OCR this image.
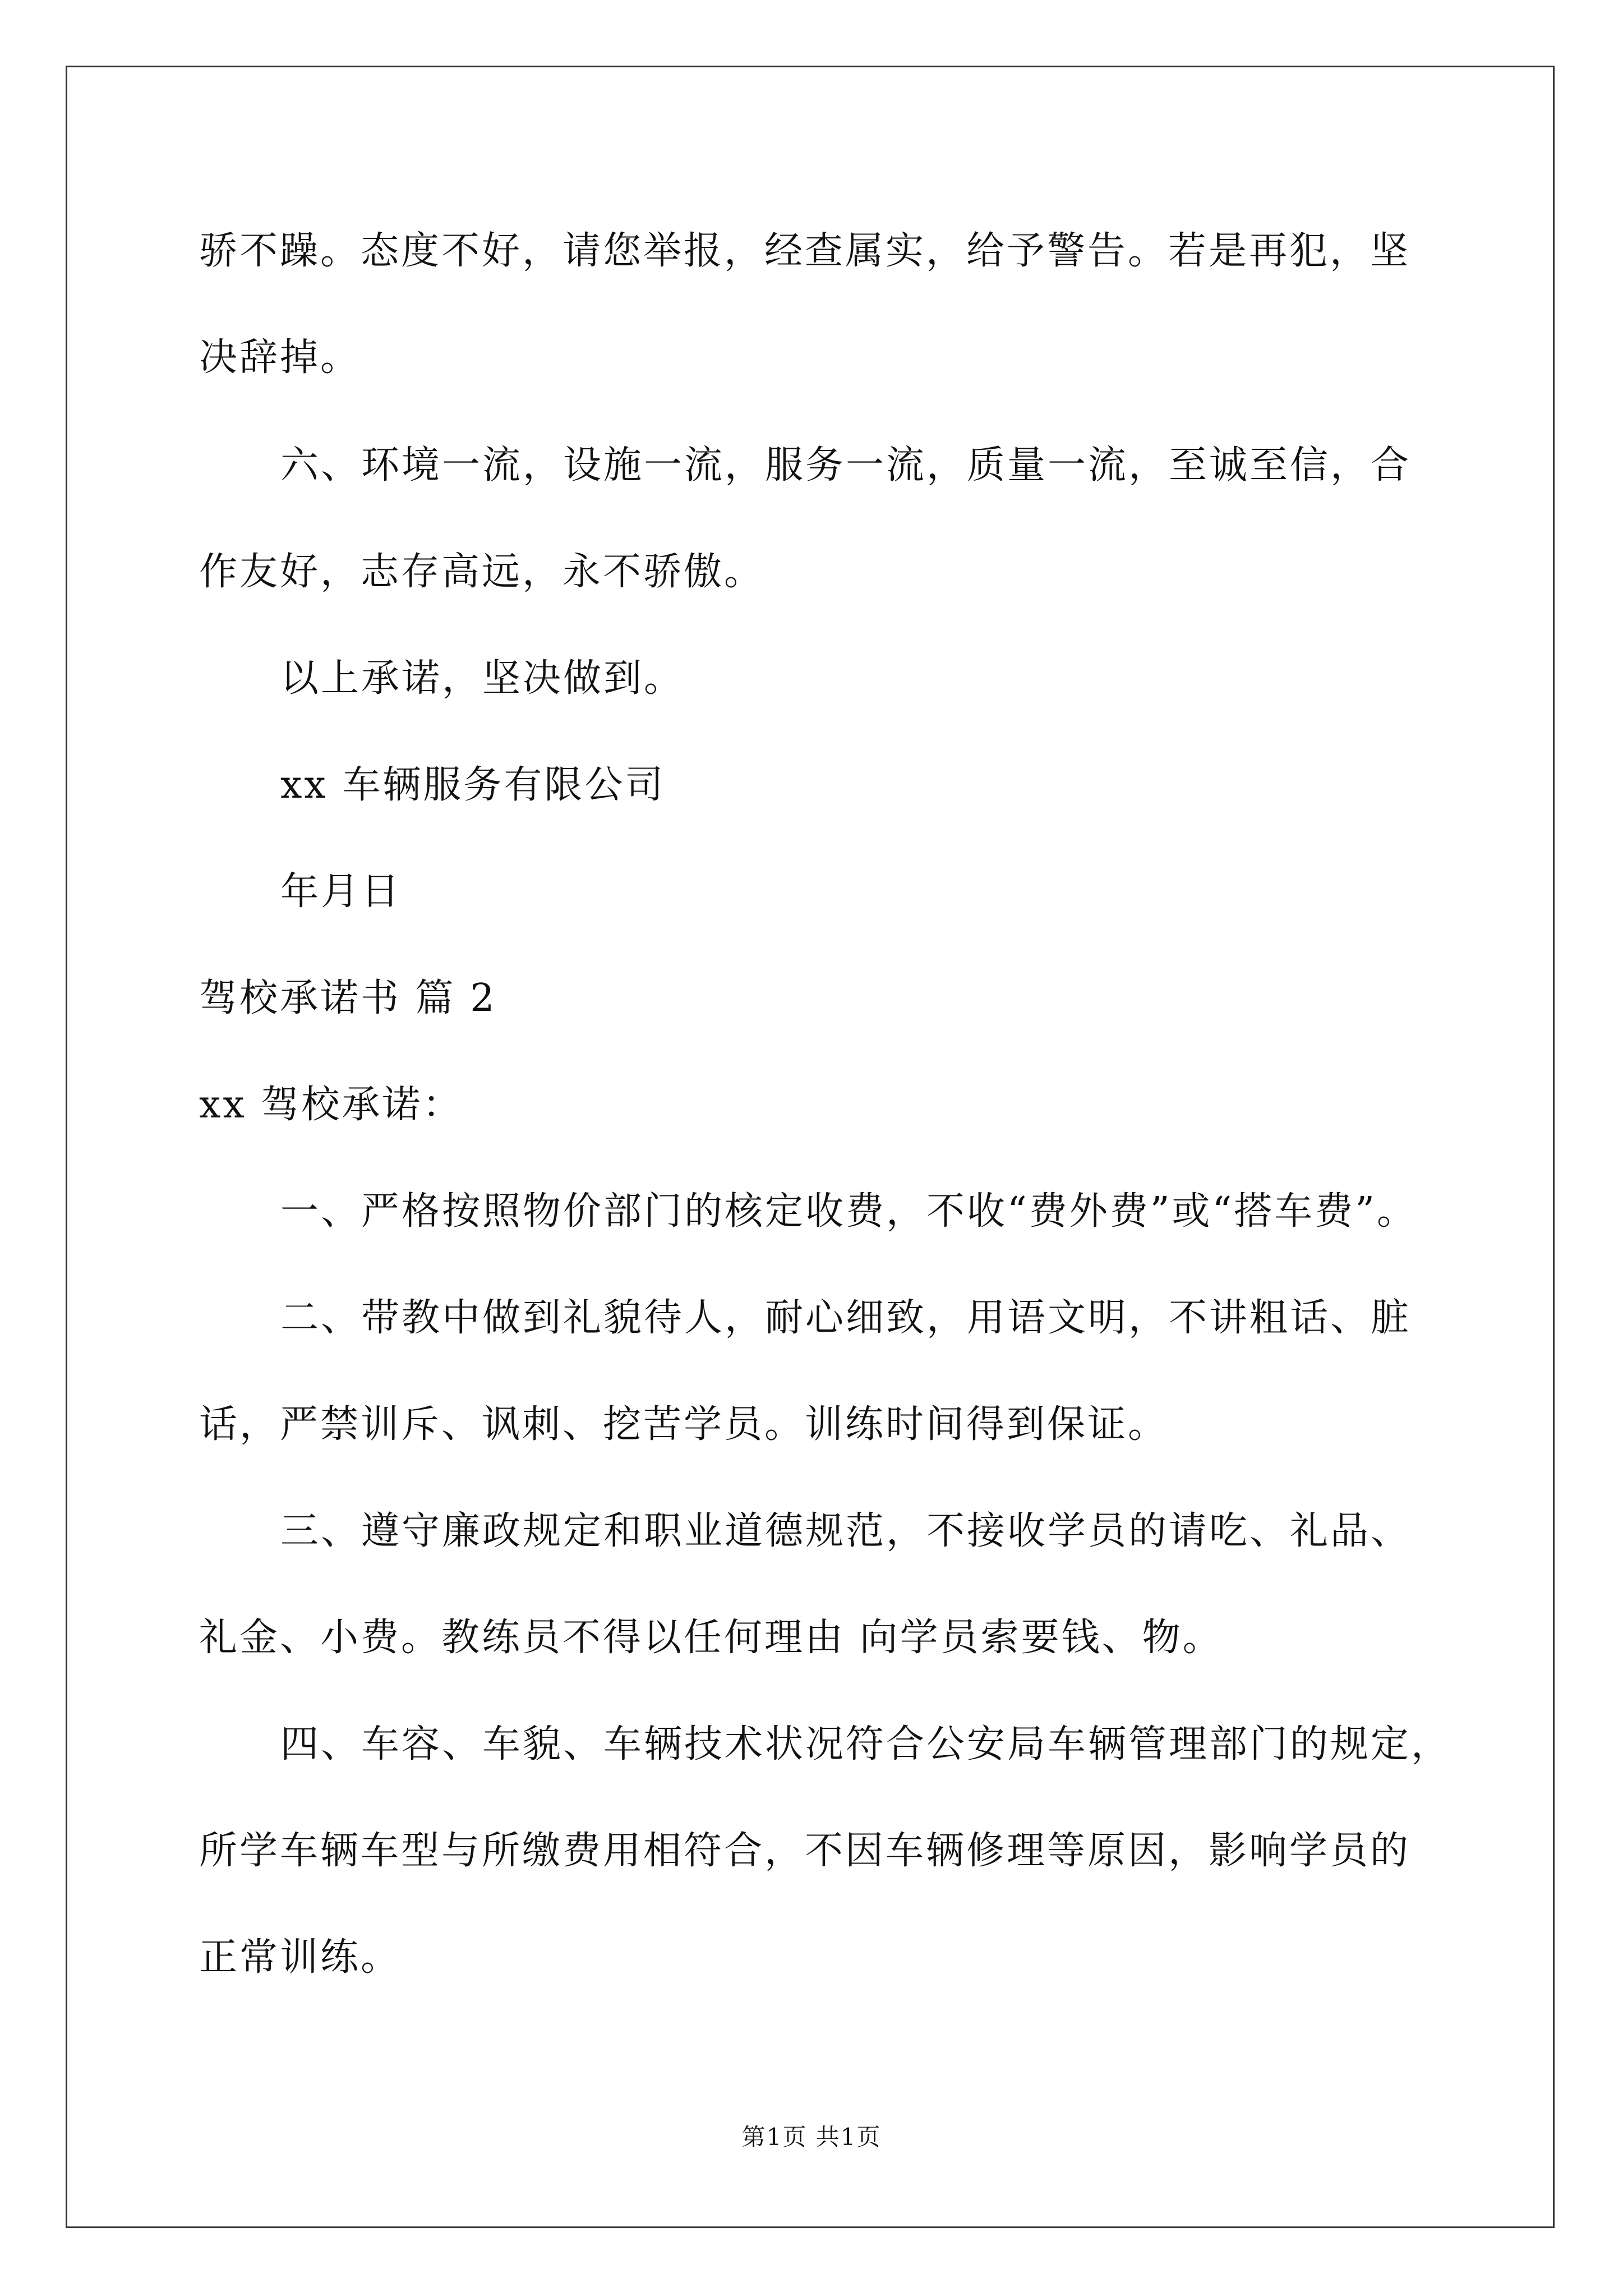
骄不躁。态度不好，请您举报，经查属实，给予警告。若是再犯，坚
决辞掉。
六、环境一流，设施一流，服务一流，质量一流，至诚至信，合
作友好，志存高远，永不骄傲。
以上承诺，坚决做到。
xx 车辆服务有限公司
年月日
驾校承诺书 篇 2
xx 驾校承诺：
一、严格按照物价部门的核定收费，不收“费外费”或“搭车费”。
二、带教中做到礼貌待人，耐心细致，用语文明，不讲粗话、脏
话，严禁训斥、讽刺、挖苦学员。训练时间得到保证。
三、遵守廉政规定和职业道德规范，不接收学员的请吃、礼品、
礼金、小费。教练员不得以任何理由 向学员索要钱、物。
四、车容、车貌、车辆技术状况符合公安局车辆管理部门的规定，
所学车辆车型与所缴费用相符合，不因车辆修理等原因，影响学员的
正常训练。
第1页 共1页
